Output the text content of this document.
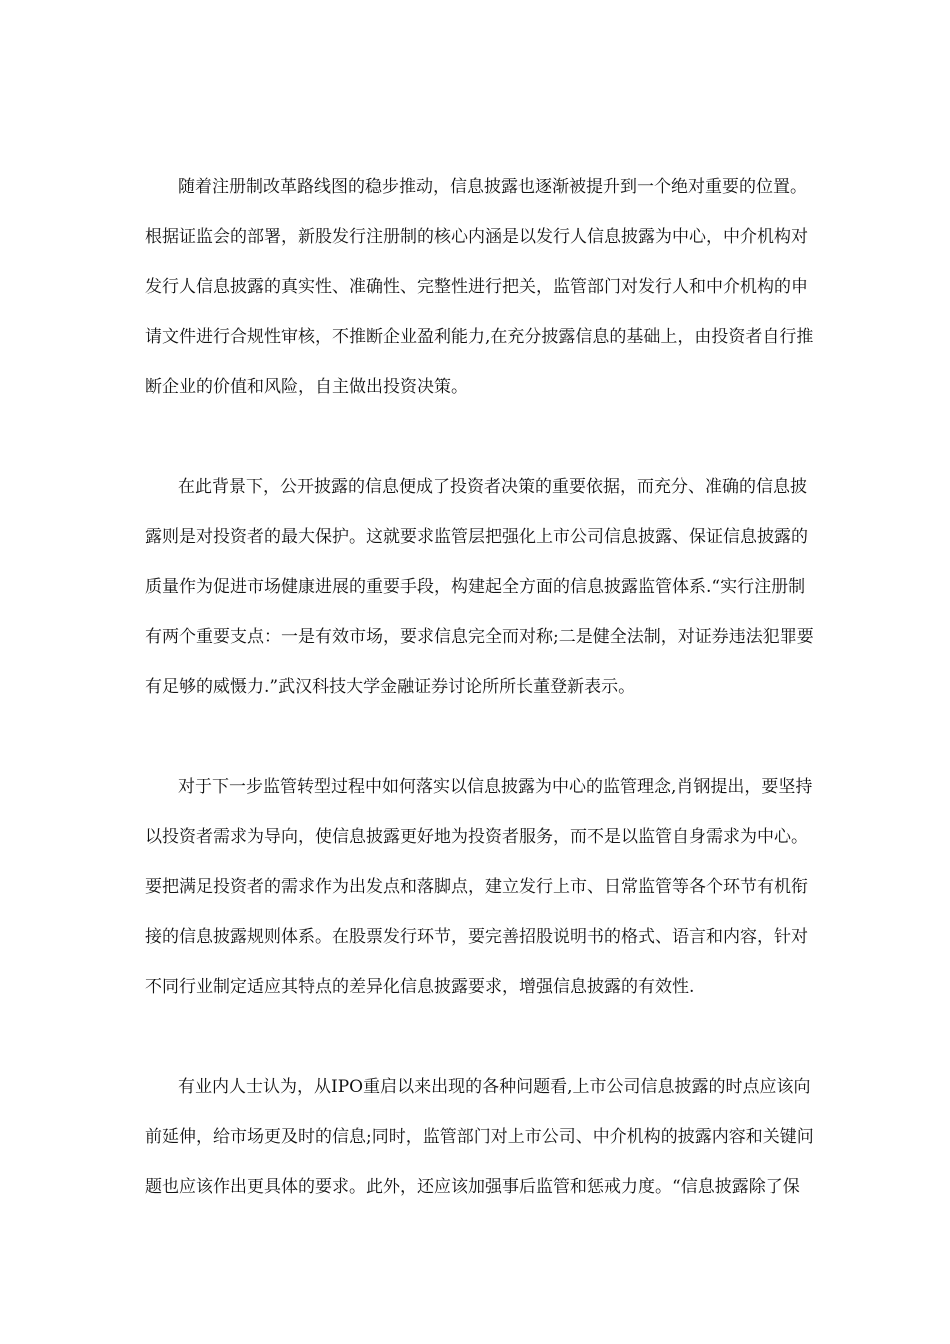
随着注册制改革路线图的稳步推动，信息披露也逐渐被提升到一个绝对重要的位置。
根据证监会的部署，新股发行注册制的核心内涵是以发行人信息披露为中心，中介机构对
发行人信息披露的真实性、准确性、完整性进行把关，监管部门对发行人和中介机构的申
请文件进行合规性审核，不推断企业盈利能力,在充分披露信息的基础上，由投资者自行推
断企业的价值和风险，自主做出投资决策。
在此背景下，公开披露的信息便成了投资者决策的重要依据，而充分、准确的信息披
露则是对投资者的最大保护。这就要求监管层把强化上市公司信息披露、保证信息披露的
质量作为促进市场健康进展的重要手段，构建起全方面的信息披露监管体系.“实行注册制
有两个重要支点：一是有效市场，要求信息完全而对称;二是健全法制，对证券违法犯罪要
有足够的威慑力.”武汉科技大学金融证券讨论所所长董登新表示。
对于下一步监管转型过程中如何落实以信息披露为中心的监管理念,肖钢提出，要坚持
以投资者需求为导向，使信息披露更好地为投资者服务，而不是以监管自身需求为中心。
要把满足投资者的需求作为出发点和落脚点，建立发行上市、日常监管等各个环节有机衔
接的信息披露规则体系。在股票发行环节，要完善招股说明书的格式、语言和内容，针对
不同行业制定适应其特点的差异化信息披露要求，增强信息披露的有效性.
有业内人士认为，从IPO重启以来出现的各种问题看,上市公司信息披露的时点应该向
前延伸，给市场更及时的信息;同时，监管部门对上市公司、中介机构的披露内容和关键问
题也应该作出更具体的要求。此外，还应该加强事后监管和惩戒力度。“信息披露除了保
